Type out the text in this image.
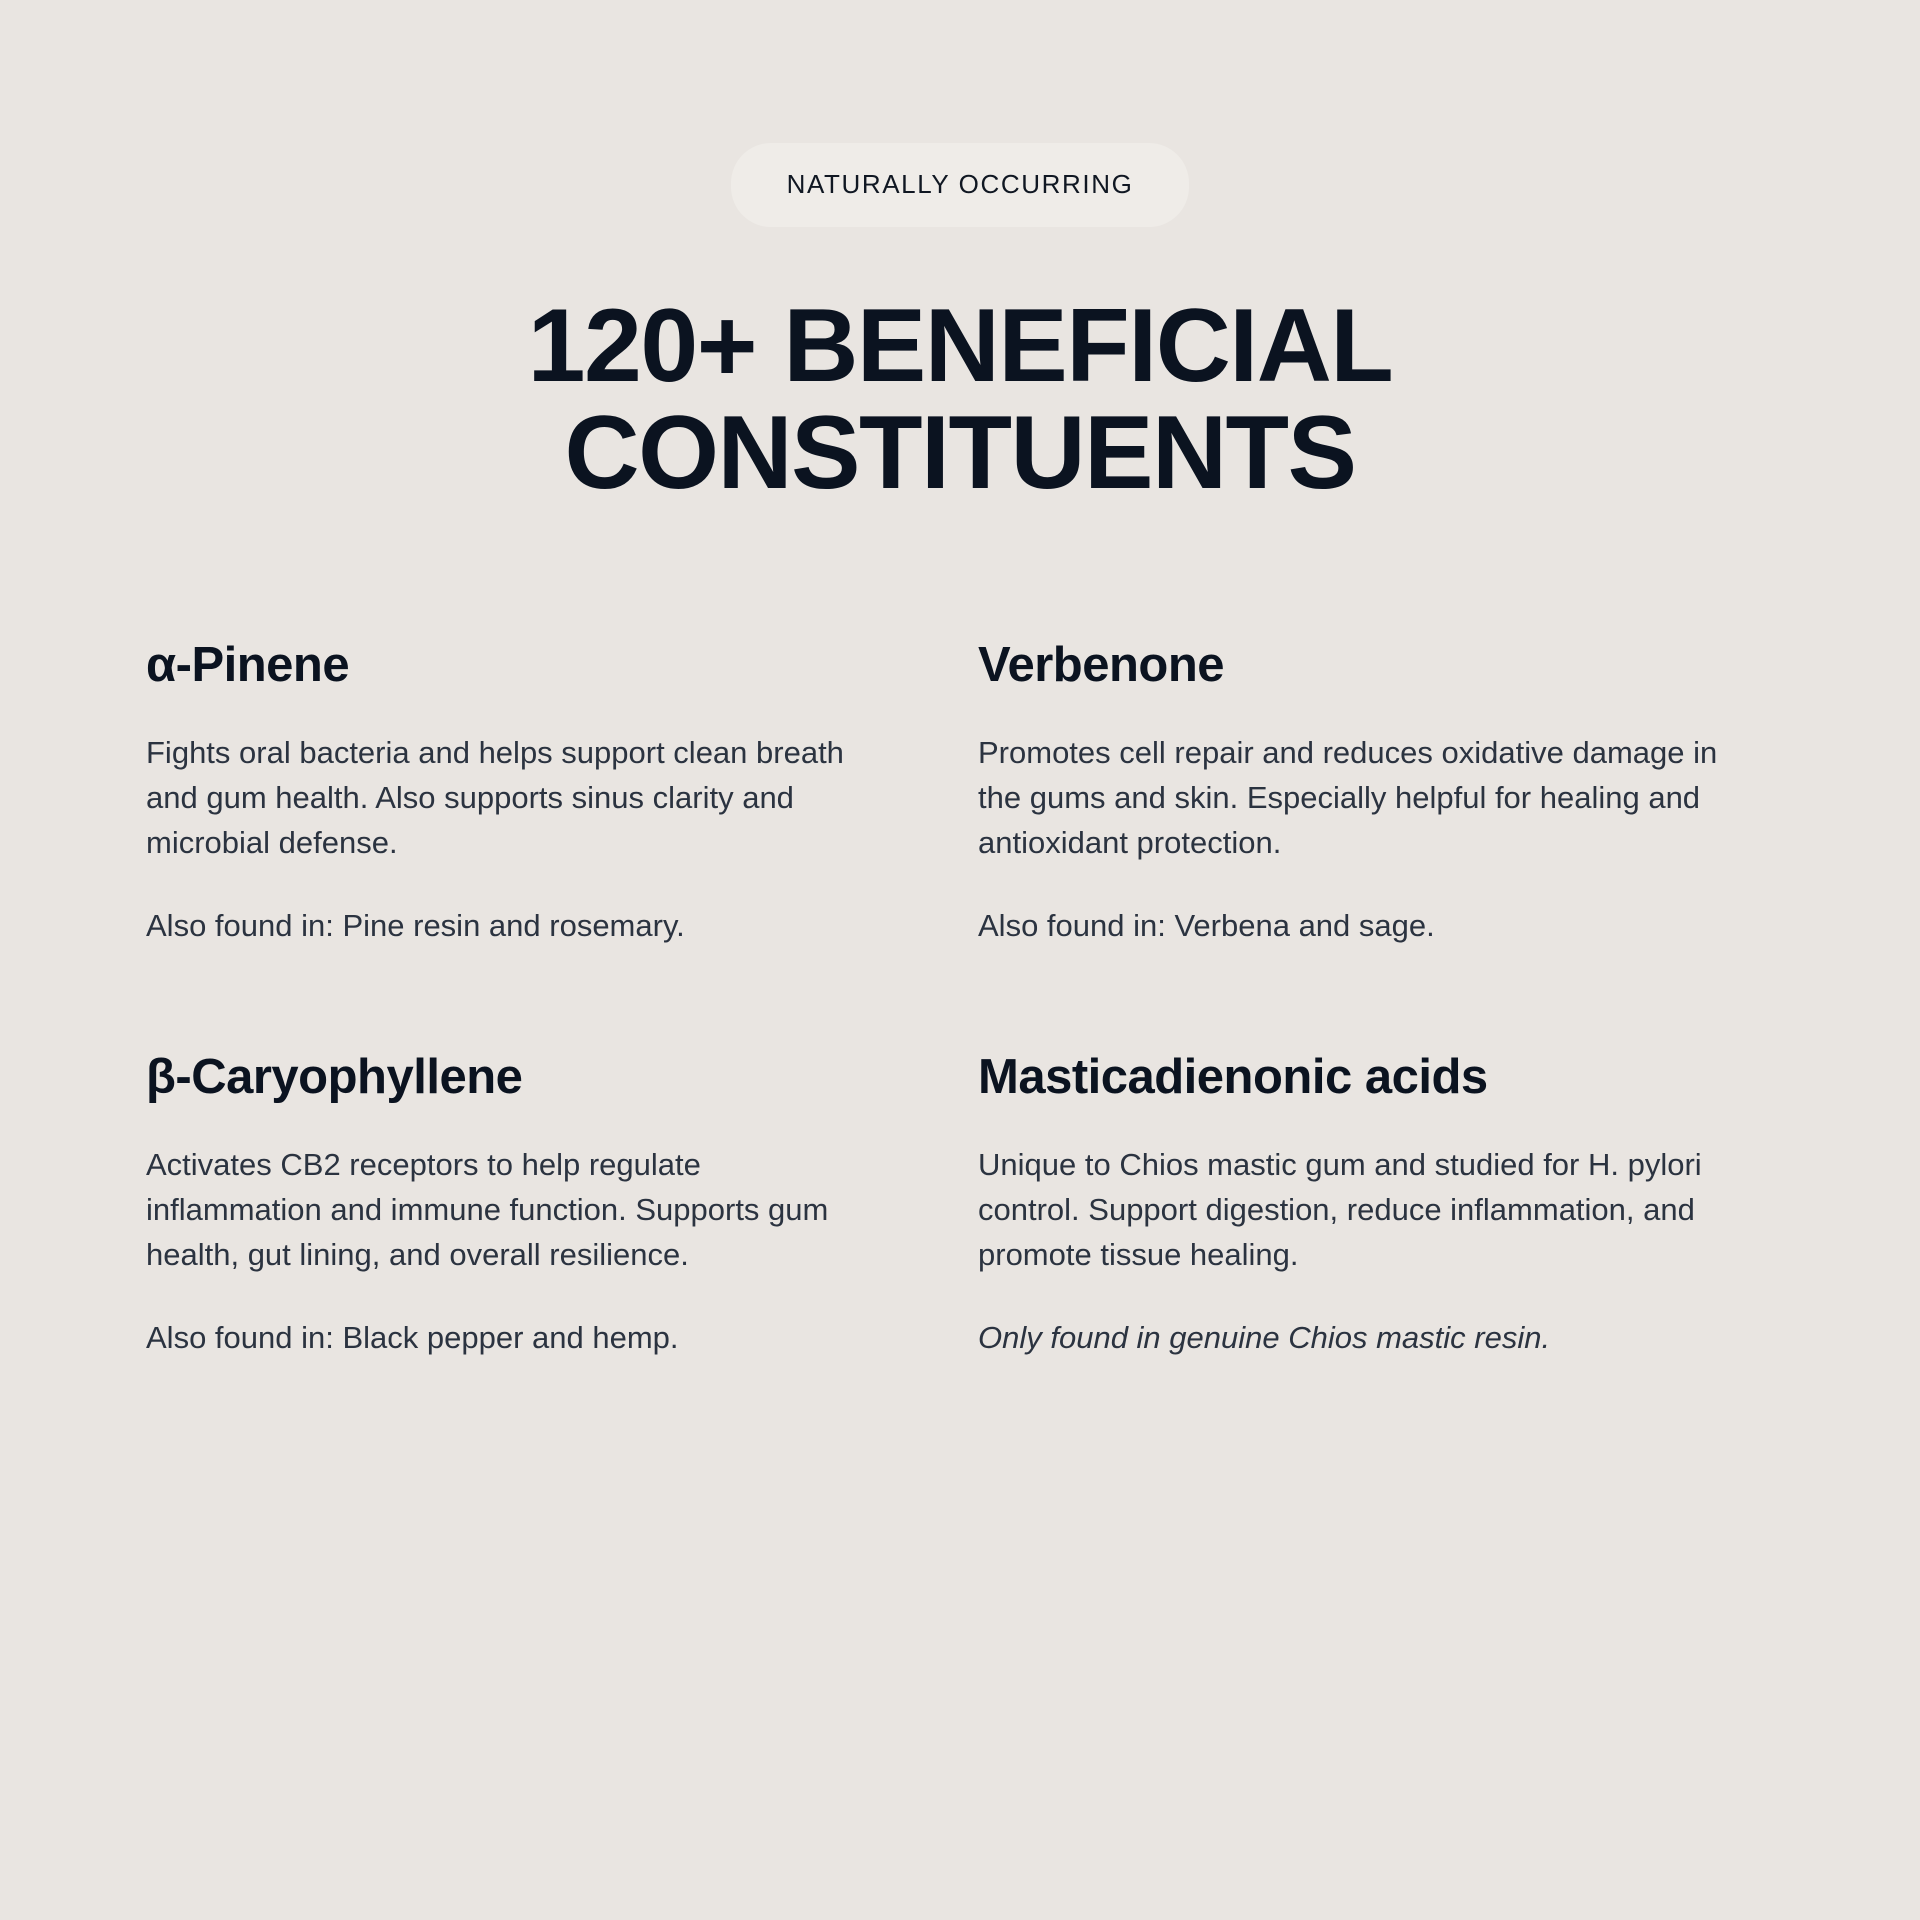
NATURALLY OCCURRING
120+ BENEFICIAL CONSTITUENTS
α-Pinene

Fights oral bacteria and helps support clean breath and gum health. Also supports sinus clarity and microbial defense.

Also found in: Pine resin and rosemary.

Verbenone

Promotes cell repair and reduces oxidative damage in the gums and skin. Especially helpful for healing and antioxidant protection.

Also found in: Verbena and sage.

β-Caryophyllene

Activates CB2 receptors to help regulate inflammation and immune function. Supports gum health, gut lining, and overall resilience.

Also found in: Black pepper and hemp.

Masticadienonic acids

Unique to Chios mastic gum and studied for H. pylori control. Support digestion, reduce inflammation, and promote tissue healing.

Only found in genuine Chios mastic resin.
